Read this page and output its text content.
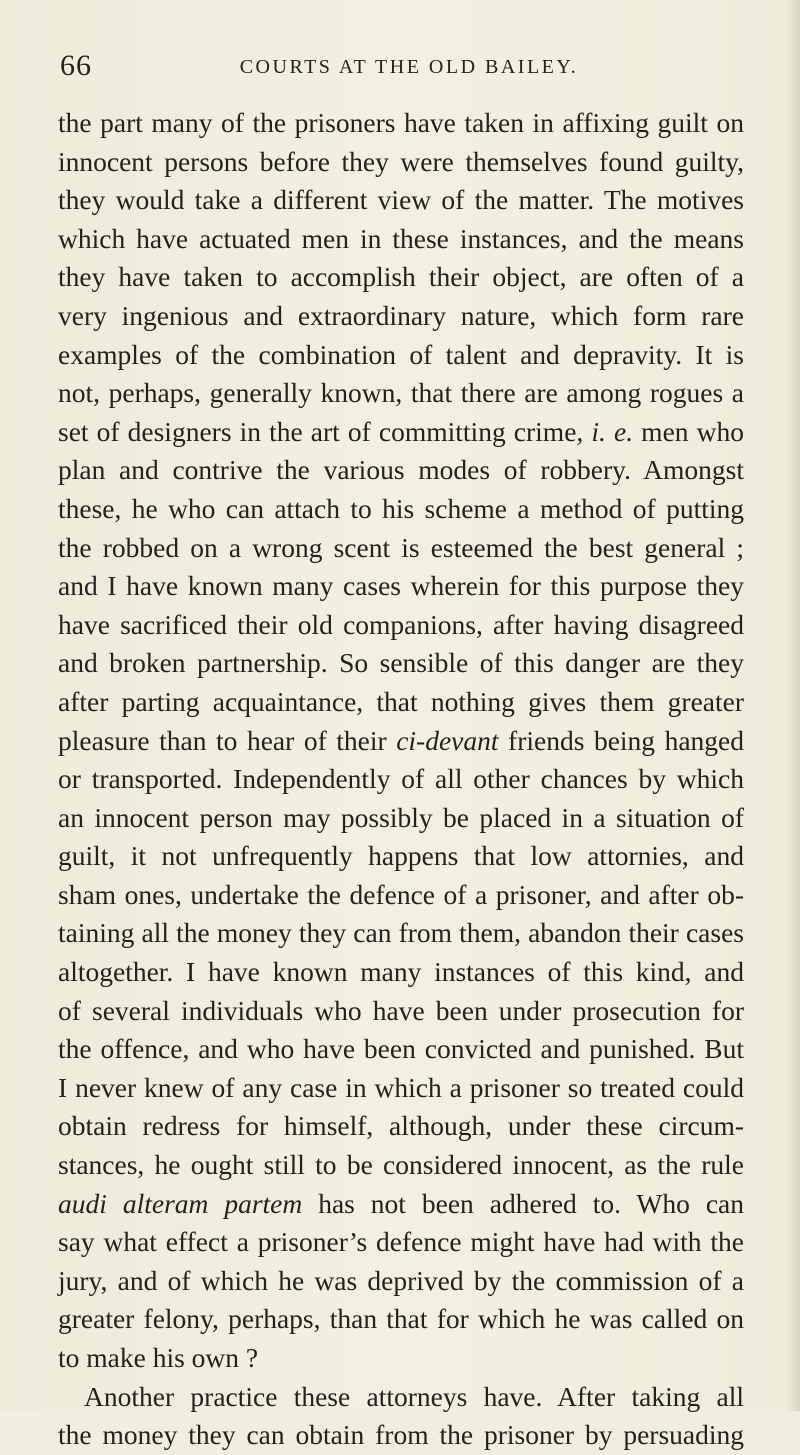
66	COURTS AT THE OLD BAILEY.
the part many of the prisoners have taken in affixing guilt on
innocent persons before they were themselves found guilty,
they would take a different view of the matter. The motives
which have actuated men in these instances, and the means
they have taken to accomplish their object, are often of a
very ingenious and extraordinary nature, which form rare
examples of the combination of talent and depravity. It is
not, perhaps, generally known, that there are among rogues a
set of designers in the art of committing crime, i. e. men who
plan and contrive the various modes of robbery. Amongst
these, he who can attach to his scheme a method of putting
the robbed on a wrong scent is esteemed the best general ;
and I have known many cases wherein for this purpose they
have sacrificed their old companions, after having disagreed
and broken partnership. So sensible of this danger are they
after parting acquaintance, that nothing gives them greater
pleasure than to hear of their ci-devant friends being hanged
or transported. Independently of all other chances by which
an innocent person may possibly be placed in a situation of
guilt, it not unfrequently happens that low attornies, and
sham ones, undertake the defence of a prisoner, and after ob-
taining all the money they can from them, abandon their cases
altogether. I have known many instances of this kind, and
of several individuals who have been under prosecution for
the offence, and who have been convicted and punished. But
I never knew of any case in which a prisoner so treated could
obtain redress for himself, although, under these circum-
stances, he ought still to be considered innocent, as the rule
audi alteram partem has not been adhered to. Who can
say what effect a prisoner’s defence might have had with the
jury, and of which he was deprived by the commission of a
greater felony, perhaps, than that for which he was called on
to make his own ?
Another practice these attorneys have. After taking all
the money they can obtain from the prisoner by persuading
